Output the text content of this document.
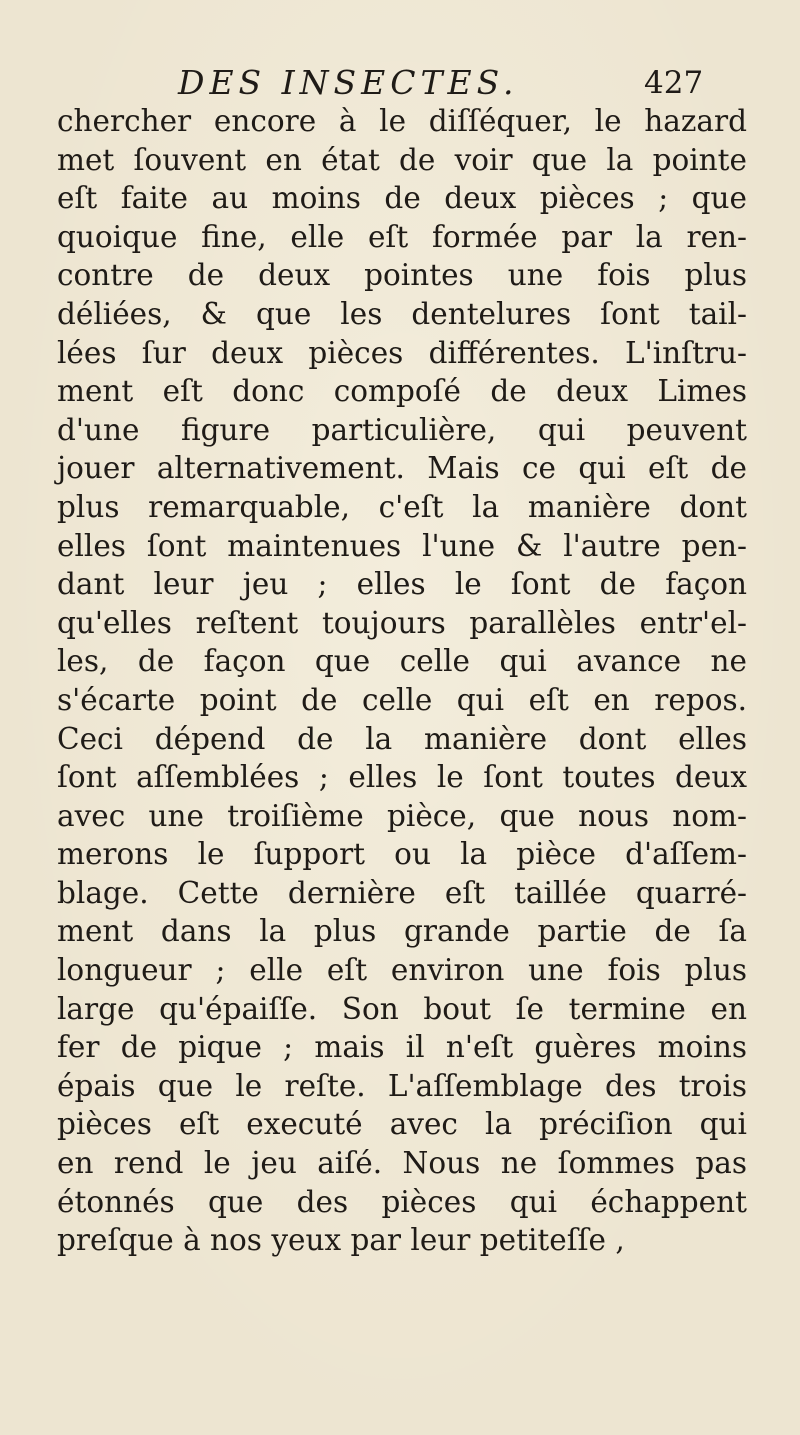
DES INSECTES.	427
chercher encore à le diſſéquer, le hazard
met ſouvent en état de voir que la pointe
eſt faite au moins de deux pièces ; que
quoique fine, elle eſt formée par la ren-
contre de deux pointes une fois plus
déliées, & que les dentelures ſont tail-
lées ſur deux pièces différentes. L'inſtru-
ment eſt donc compoſé de deux Limes
d'une figure particulière, qui peuvent
jouer alternativement. Mais ce qui eſt de
plus remarquable, c'eſt la manière dont
elles ſont maintenues l'une & l'autre pen-
dant leur jeu ; elles le ſont de façon
qu'elles reſtent toujours parallèles entr'el-
les, de façon que celle qui avance ne
s'écarte point de celle qui eſt en repos.
Ceci dépend de la manière dont elles
ſont aſſemblées ; elles le ſont toutes deux
avec une troiſième pièce, que nous nom-
merons le ſupport ou la pièce d'aſſem-
blage. Cette dernière eſt taillée quarré-
ment dans la plus grande partie de ſa
longueur ; elle eſt environ une fois plus
large qu'épaiſſe. Son bout ſe termine en
fer de pique ; mais il n'eſt guères moins
épais que le reſte. L'aſſemblage des trois
pièces eſt executé avec la préciſion qui
en rend le jeu aiſé. Nous ne ſommes pas
étonnés que des pièces qui échappent
preſque à nos yeux par leur petiteſſe ,
